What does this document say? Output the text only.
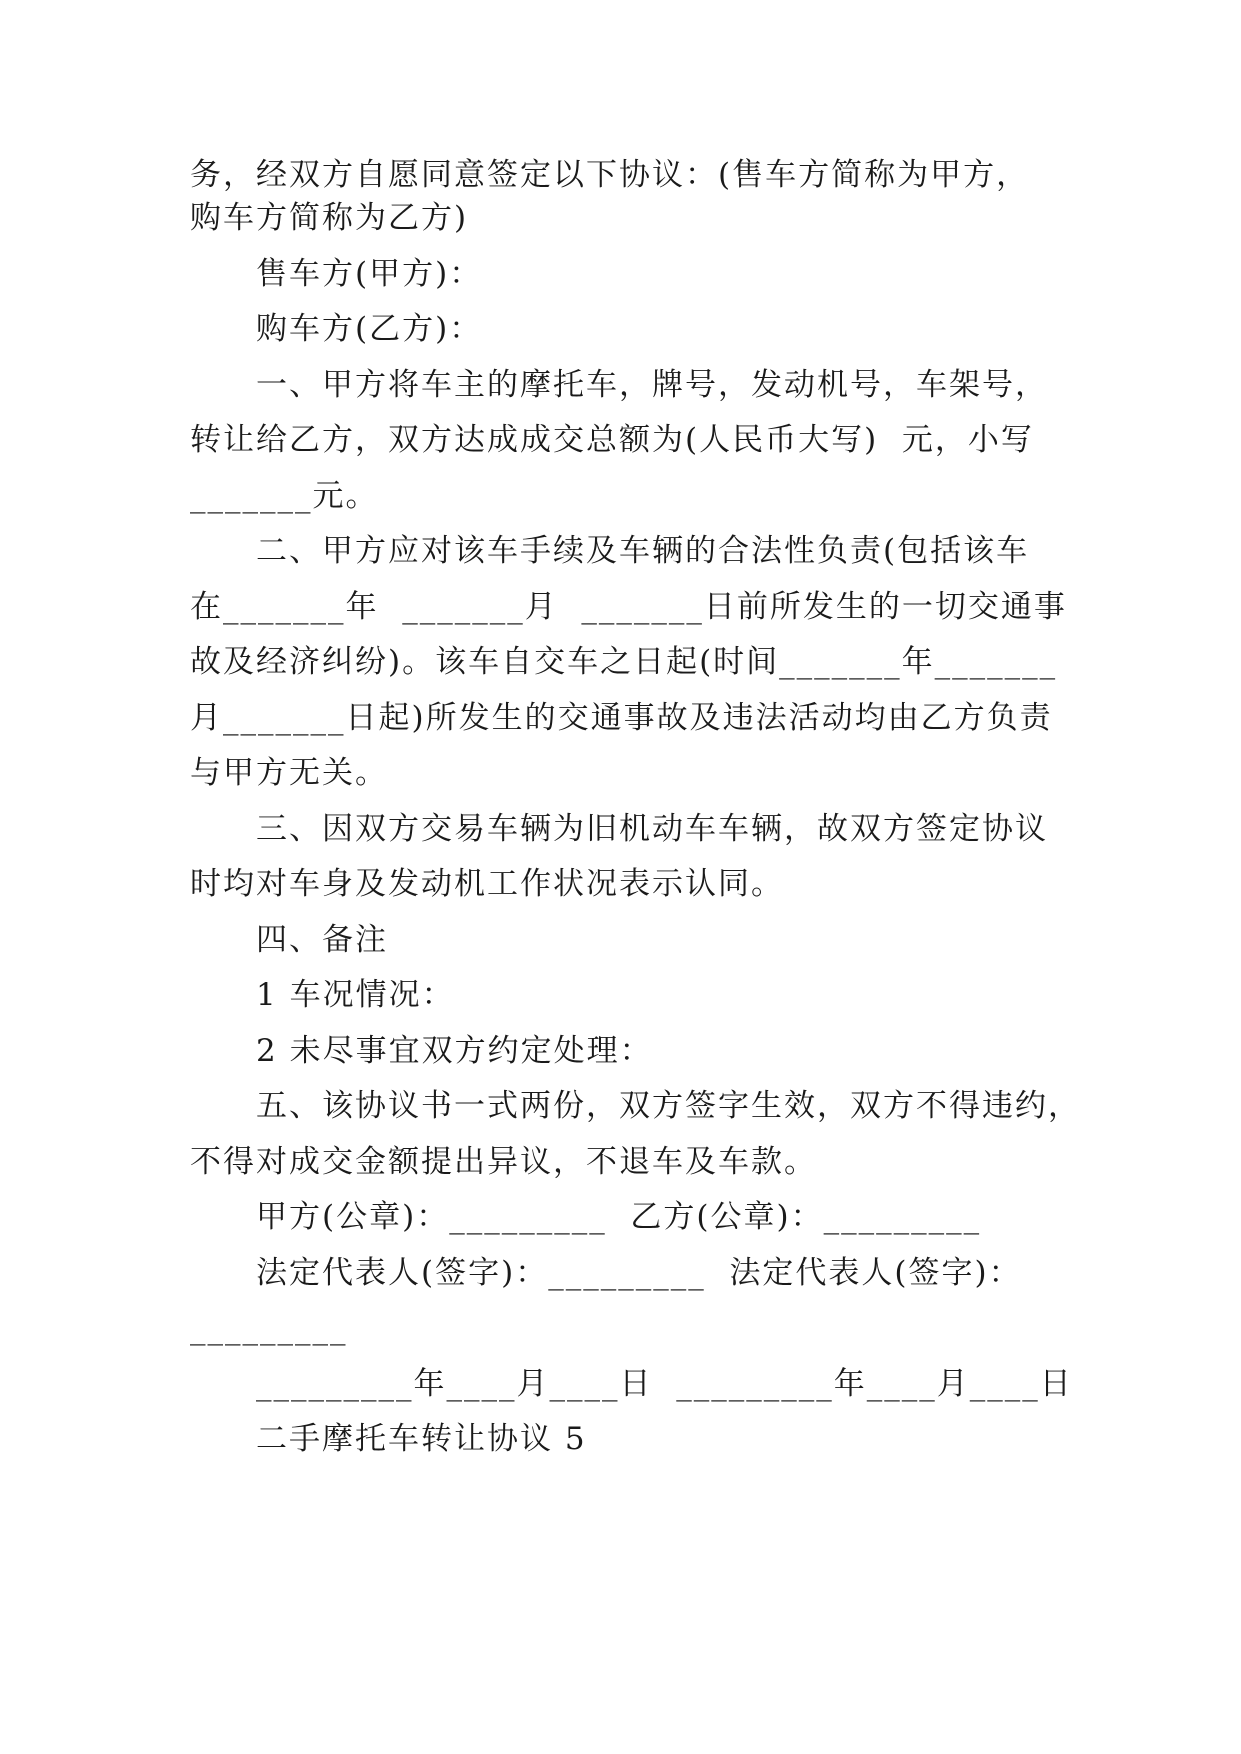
务，经双方自愿同意签定以下协议：(售车方简称为甲方，
购车方简称为乙方)
售车方(甲方)：
购车方(乙方)：
一、甲方将车主的摩托车，牌号，发动机号，车架号，
转让给乙方，双方达成成交总额为(人民币大写)  元，小写
_______元。
二、甲方应对该车手续及车辆的合法性负责(包括该车
在_______年  _______月  _______日前所发生的一切交通事
故及经济纠纷)。该车自交车之日起(时间_______年_______
月_______日起)所发生的交通事故及违法活动均由乙方负责
与甲方无关。
三、因双方交易车辆为旧机动车车辆，故双方签定协议
时均对车身及发动机工作状况表示认同。
四、备注
1 车况情况：
2 未尽事宜双方约定处理：
五、该协议书一式两份，双方签字生效，双方不得违约，
不得对成交金额提出异议，不退车及车款。
甲方(公章)：_________  乙方(公章)：_________
法定代表人(签字)：_________  法定代表人(签字)：
_________
_________年____月____日  _________年____月____日
二手摩托车转让协议 5
